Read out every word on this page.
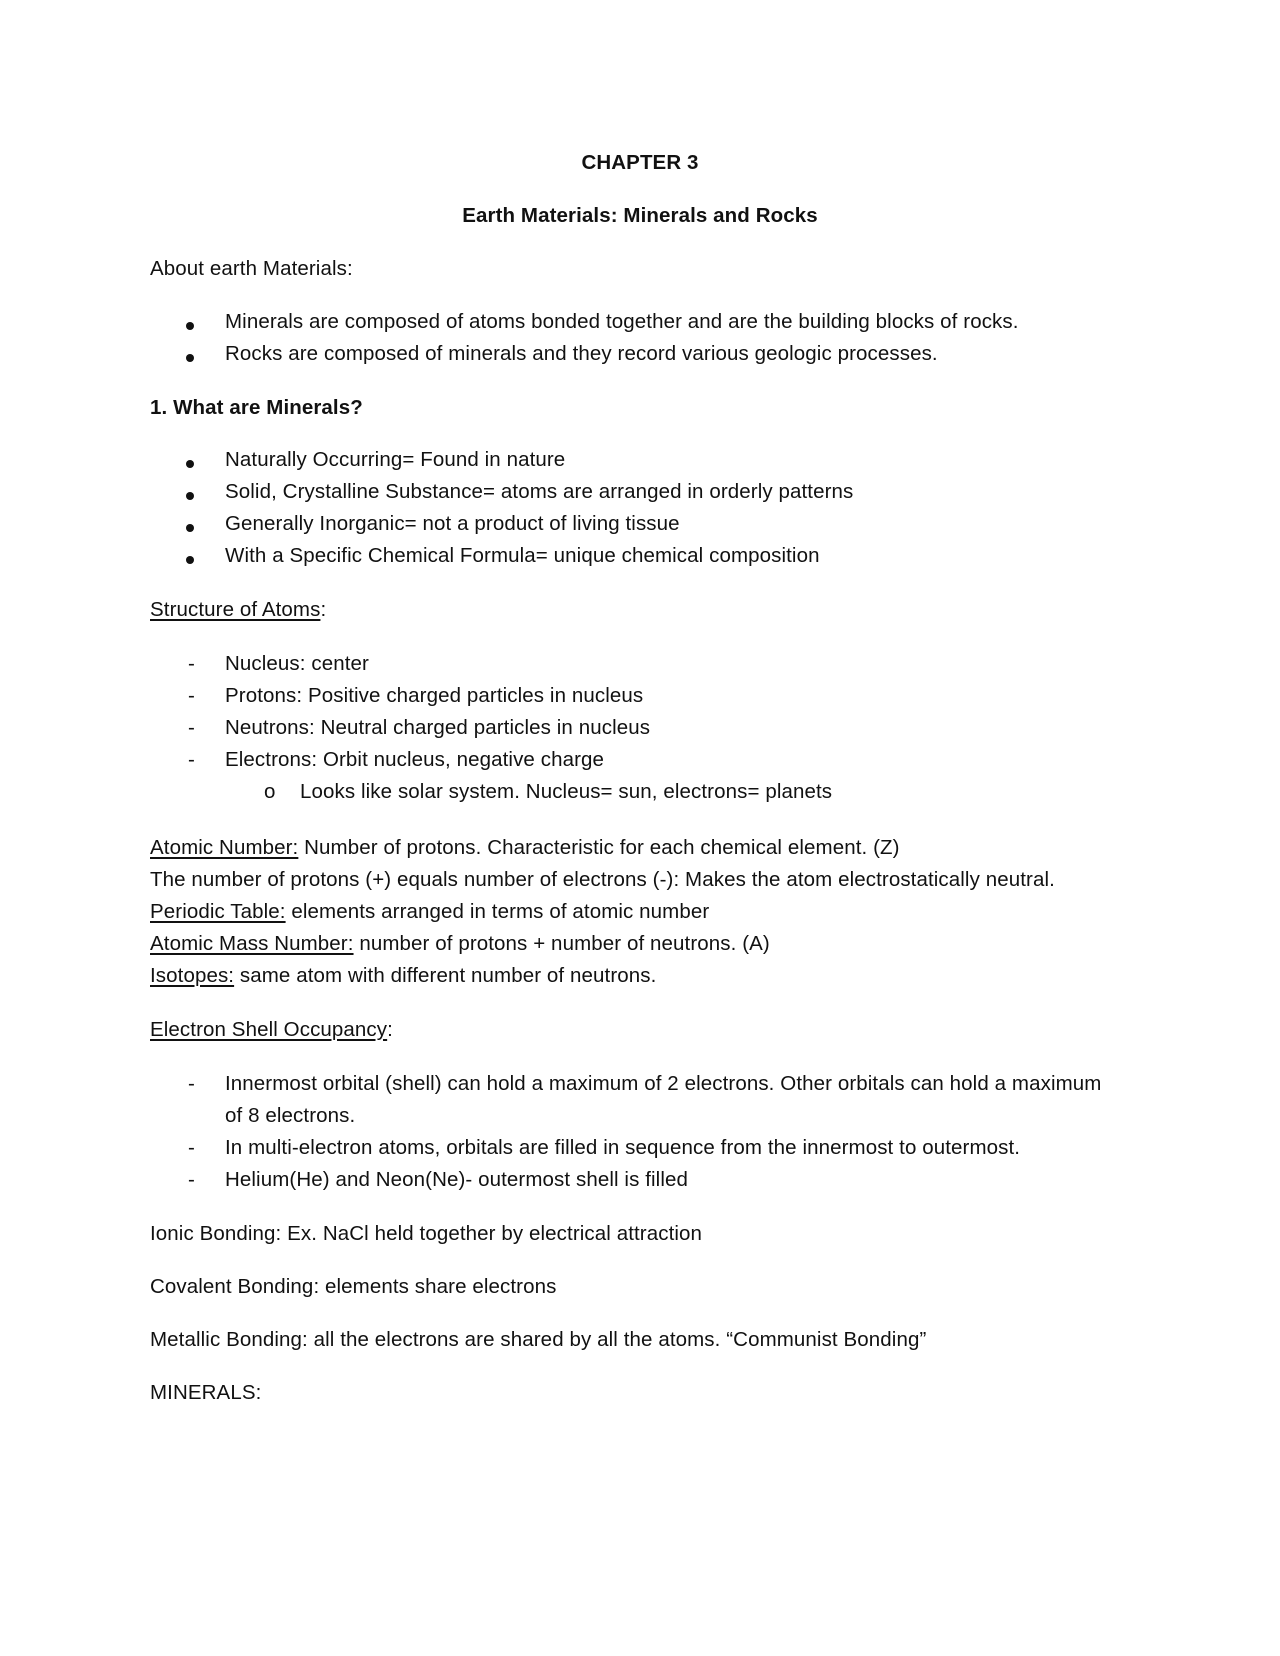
CHAPTER 3
Earth Materials: Minerals and Rocks
About earth Materials:
Minerals are composed of atoms bonded together and are the building blocks of rocks.
Rocks are composed of minerals and they record various geologic processes.
1. What are Minerals?
Naturally Occurring= Found in nature
Solid, Crystalline Substance= atoms are arranged in orderly patterns
Generally Inorganic= not a product of living tissue
With a Specific Chemical Formula= unique chemical composition
Structure of Atoms:
- Nucleus: center
- Protons: Positive charged particles in nucleus
- Neutrons: Neutral charged particles in nucleus
- Electrons: Orbit nucleus, negative charge
o Looks like solar system. Nucleus= sun, electrons= planets
Atomic Number: Number of protons. Characteristic for each chemical element. (Z)
The number of protons (+) equals number of electrons (-): Makes the atom electrostatically neutral.
Periodic Table: elements arranged in terms of atomic number
Atomic Mass Number: number of protons + number of neutrons. (A)
Isotopes: same atom with different number of neutrons.
Electron Shell Occupancy:
- Innermost orbital (shell) can hold a maximum of 2 electrons. Other orbitals can hold a maximum
of 8 electrons.
- In multi-electron atoms, orbitals are filled in sequence from the innermost to outermost.
- Helium(He) and Neon(Ne)- outermost shell is filled
Ionic Bonding: Ex. NaCl held together by electrical attraction
Covalent Bonding: elements share electrons
Metallic Bonding: all the electrons are shared by all the atoms. “Communist Bonding”
MINERALS:
